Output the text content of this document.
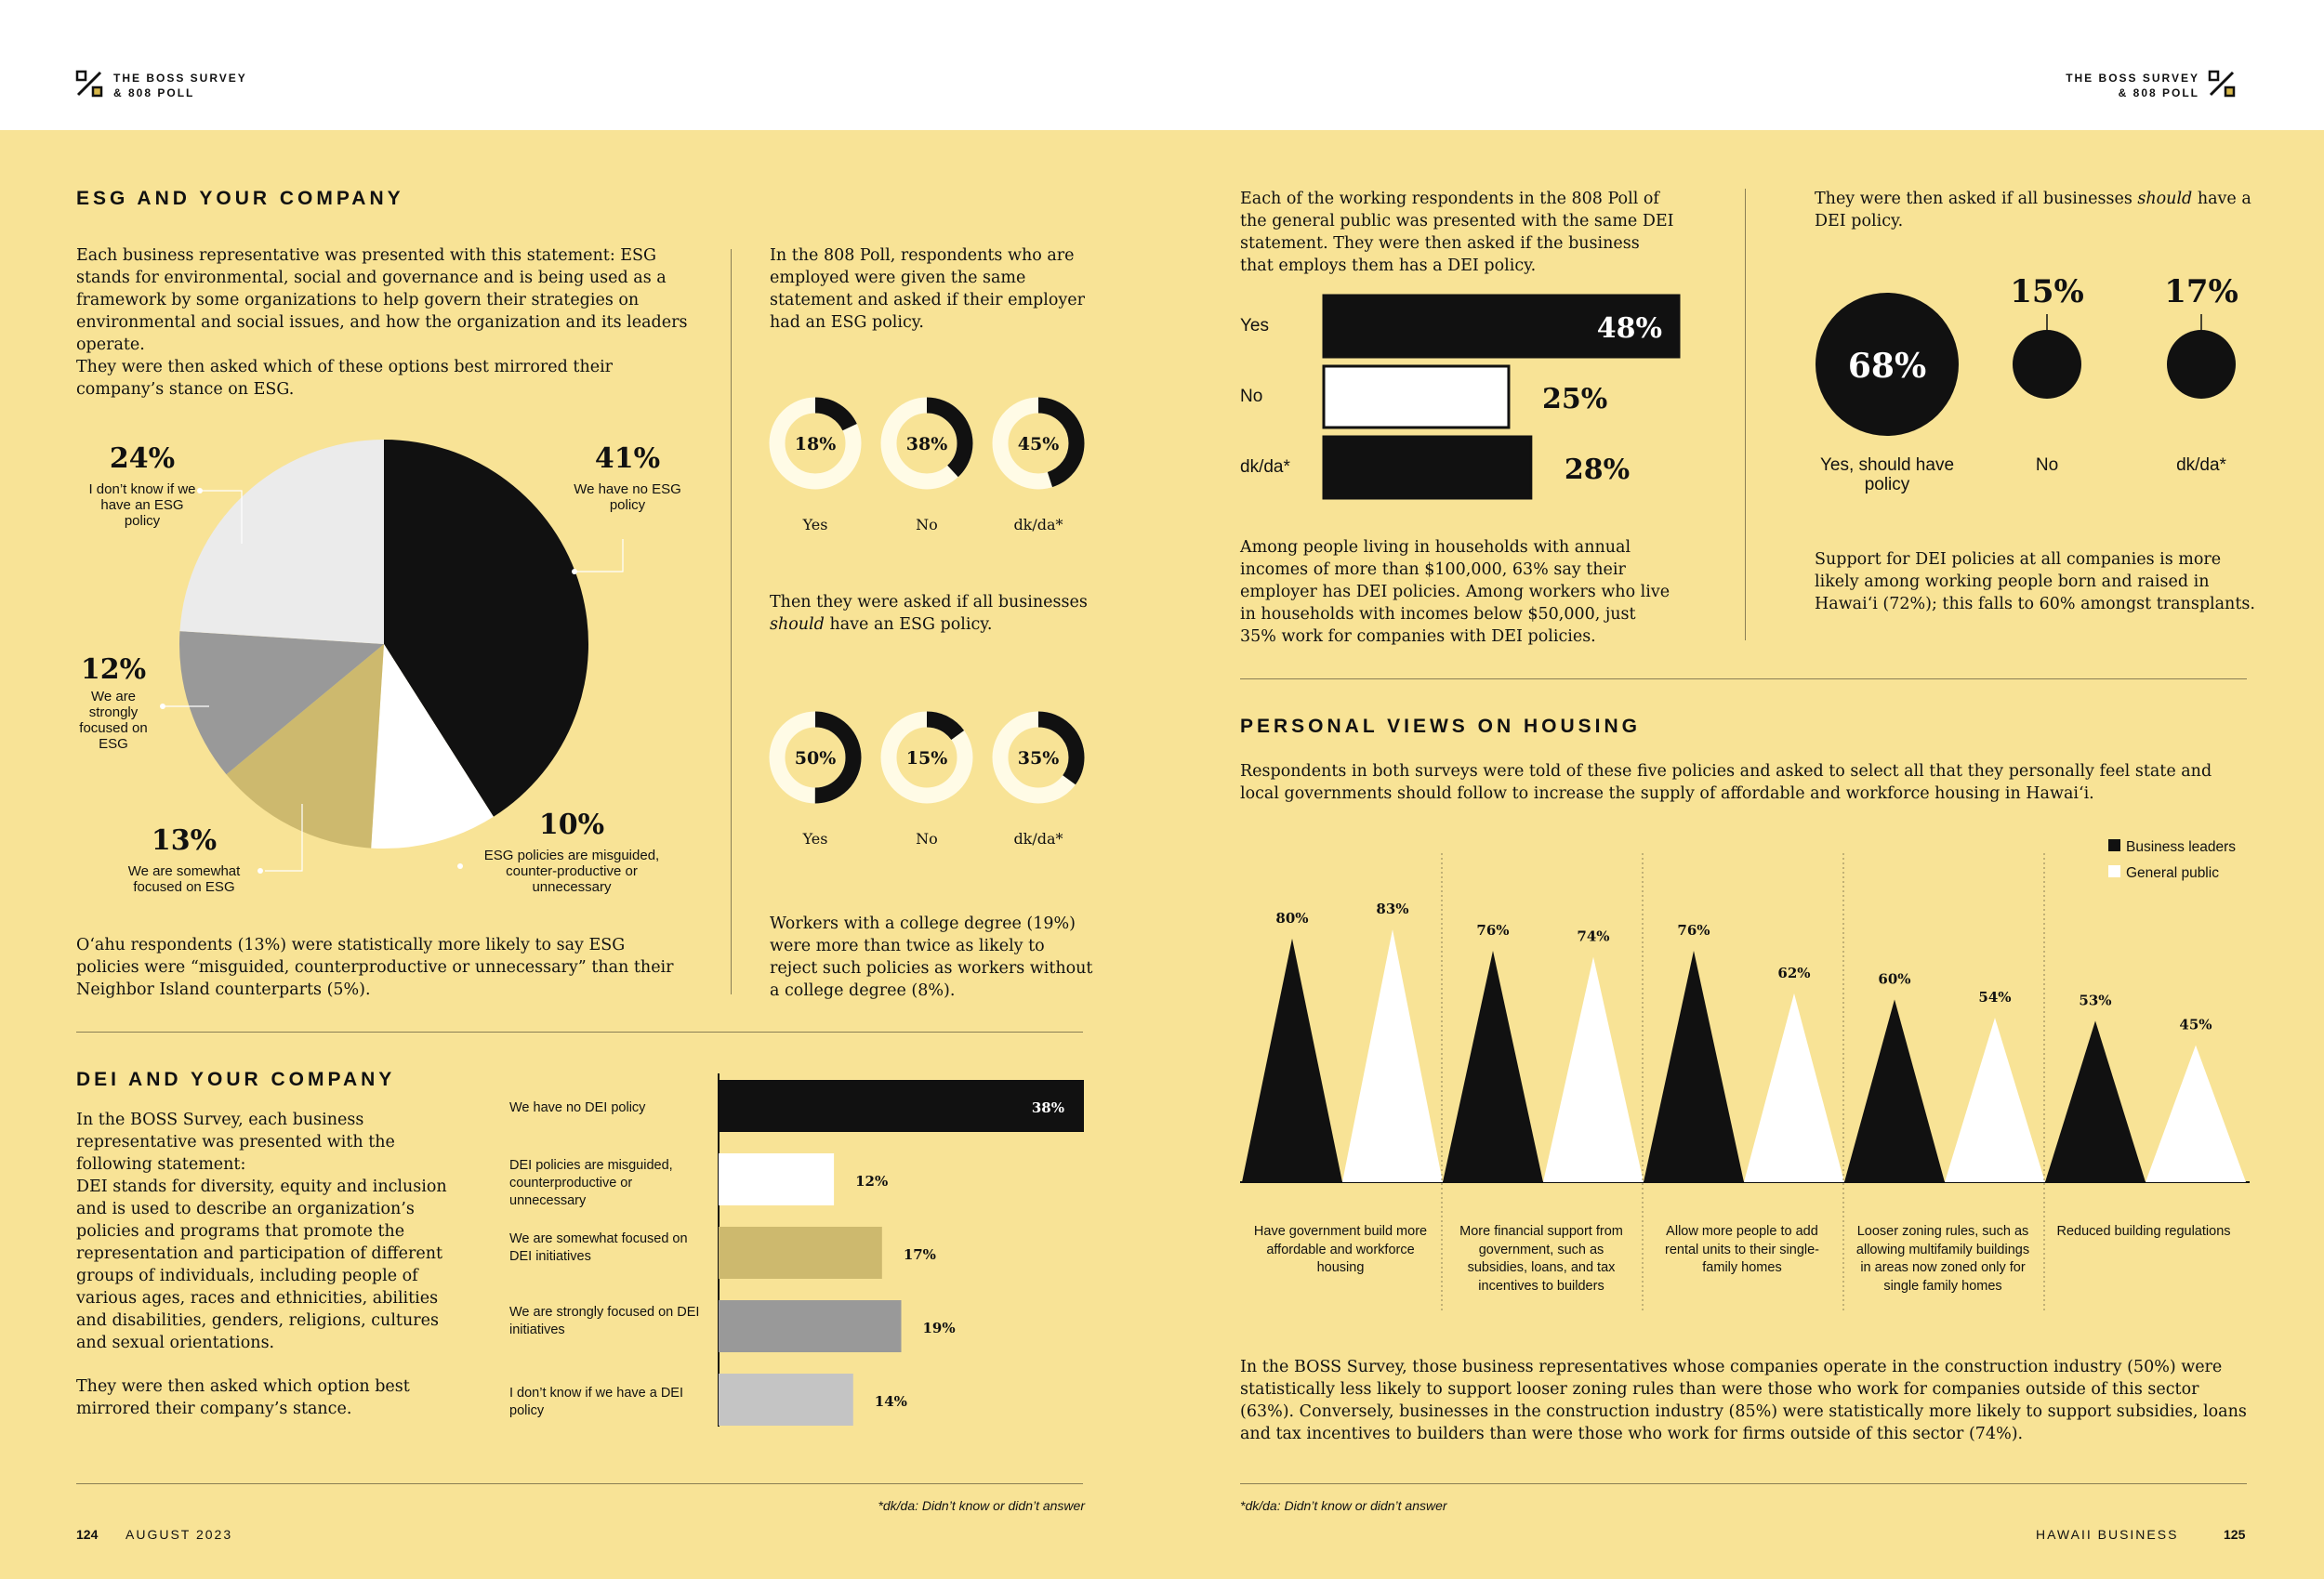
THE BOSS SURVEY
& 808 POLL
THE BOSS SURVEY
& 808 POLL
ESG AND YOUR COMPANY
Each business representative was presented with this statement: ESG stands for environmental, social and governance and is being used as a framework by some organizations to help govern their strategies on environmental and social issues, and how the organization and its leaders operate.
They were then asked which of these options best mirrored their company’s stance on ESG.
41%
We have no ESG policy
10%
ESG policies are misguided, counter-productive or unnecessary
13%
We are somewhat focused on ESG
12%
We are strongly focused on ESG
24%
I don’t know if we have an ESG policy
O‘ahu respondents (13%) were statistically more likely to say ESG policies were “misguided, counterproductive or unnecessary” than their Neighbor Island counterparts (5%).
In the 808 Poll, respondents who are employed were given the same statement and asked if their employer had an ESG policy.
18%
Yes
38%
No
45%
dk/da*
Then they were asked if all businesses should have an ESG policy.
50%
Yes
15%
No
35%
dk/da*
Workers with a college degree (19%) were more than twice as likely to reject such policies as workers without a college degree (8%).
DEI AND YOUR COMPANY
In the BOSS Survey, each business representative was presented with the following statement:
DEI stands for diversity, equity and inclusion and is used to describe an organization’s policies and programs that promote the representation and participation of different groups of individuals, including people of various ages, races and ethnicities, abilities and disabilities, genders, religions, cultures and sexual orientations.
They were then asked which option best mirrored their company’s stance.
38%
12%
17%
19%
14%
*dk/da: Didn’t know or didn’t answer
124 AUGUST 2023
Each of the working respondents in the 808 Poll of the general public was presented with the same DEI statement. They were then asked if the business that employs them has a DEI policy.
48%
25%
28%
Among people living in households with annual incomes of more than $100,000, 63% say their employer has DEI policies. Among workers who live in households with incomes below $50,000, just 35% work for companies with DEI policies.
They were then asked if all businesses should have a DEI policy.
68%
15%	17%
Support for DEI policies at all companies is more likely among working people born and raised in Hawai‘i (72%); this falls to 60% amongst transplants.
PERSONAL VIEWS ON HOUSING
Respondents in both surveys were told of these five policies and asked to select all that they personally feel state and local governments should follow to increase the supply of affordable and workforce housing in Hawai‘i.
Business leaders
General public
80%
83%
76%	74%	76%
62%	60%
54%	53%
45%
In the BOSS Survey, those business representatives whose companies operate in the construction industry (50%) were statistically less likely to support looser zoning rules than were those who work for companies outside of this sector (63%). Conversely, businesses in the construction industry (85%) were statistically more likely to support subsidies, loans and tax incentives to builders than were those who work for firms outside of this sector (74%).
*dk/da: Didn’t know or didn’t answer
HAWAII BUSINESS	125
We have no DEI policy
DEI policies are misguided, counterproductive or unnecessary
We are somewhat focused on DEI initiatives
We are strongly focused on DEI initiatives
I don’t know if we have a DEI policy
Yes
No
dk/da*	Yes, should have policy
No	dk/da*
Have government build more affordable and workforce housing
More financial support from government, such as subsidies, loans, and tax incentives to builders
Allow more people to add rental units to their single-family homes
Looser zoning rules, such as allowing multifamily buildings in areas now zoned only for single family homes
Reduced building regulations
